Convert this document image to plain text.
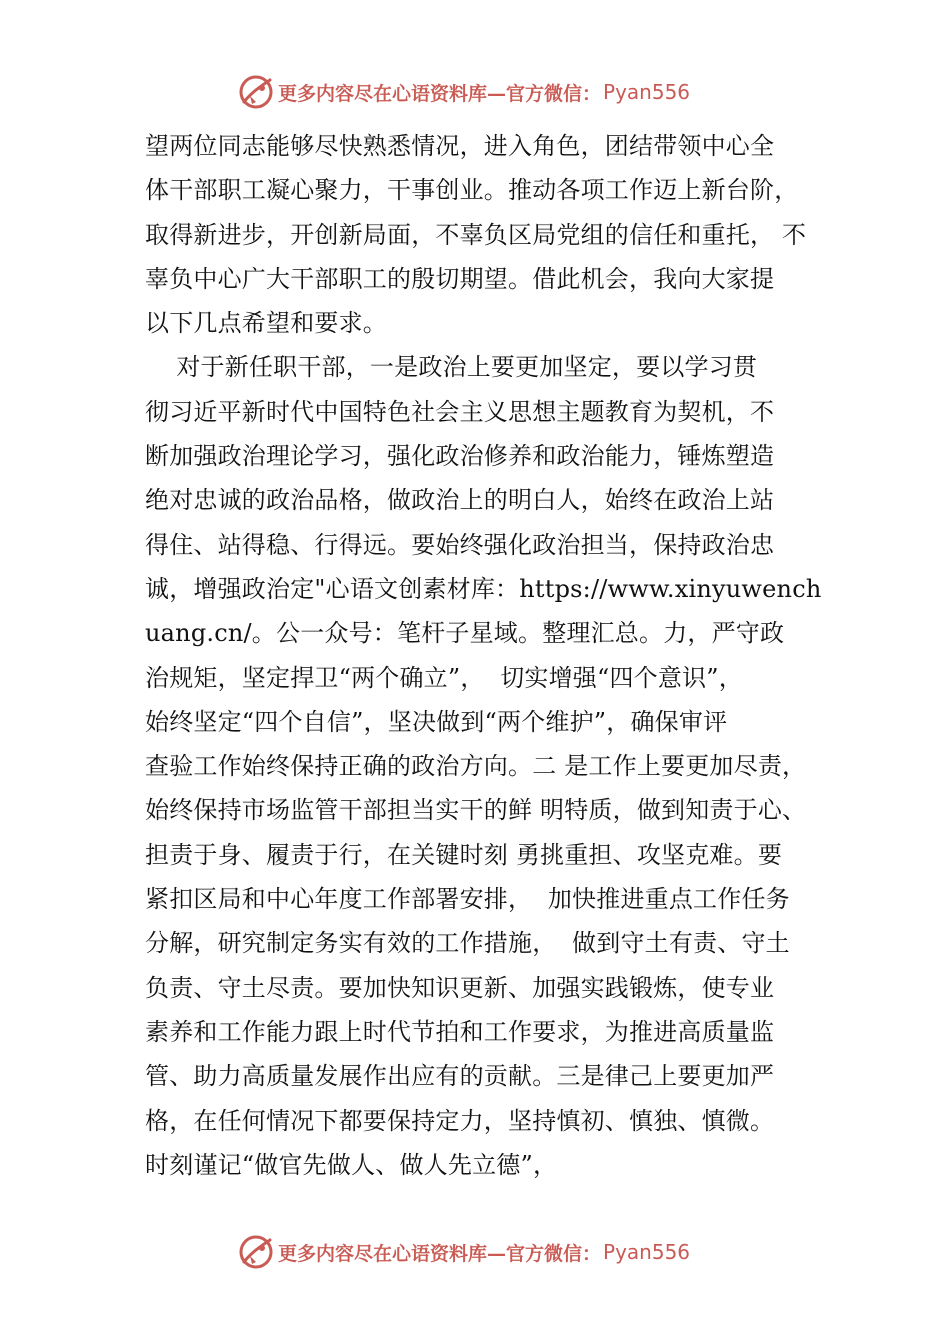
更多内容尽在心语资料库—官方微信： Pyan556
望两位同志能够尽快熟悉情况，进入角色，团结带领中心全
体干部职工凝心聚力，干事创业。推动各项工作迈上新台阶，
取得新进步，开创新局面，不辜负区局党组的信任和重托， 不
辜负中心广大干部职工的殷切期望。借此机会，我向大家提
以下几点希望和要求。
对于新任职干部，一是政治上要更加坚定，要以学习贯
彻习近平新时代中国特色社会主义思想主题教育为契机，不
断加强政治理论学习，强化政治修养和政治能力，锤炼塑造
绝对忠诚的政治品格，做政治上的明白人，始终在政治上站
得住、站得稳、行得远。要始终强化政治担当，保持政治忠
诚，增强政治定"心语文创素材库：https://www.xinyuwench
uang.cn/。公一众号：笔杆子星域。整理汇总。力，严守政
治规矩，坚定捍卫“两个确立”，  切实增强“四个意识”，
始终坚定“四个自信”，坚决做到“两个维护”，确保审评
查验工作始终保持正确的政治方向。二 是工作上要更加尽责，
始终保持市场监管干部担当实干的鲜 明特质，做到知责于心、
担责于身、履责于行，在关键时刻 勇挑重担、攻坚克难。要
紧扣区局和中心年度工作部署安排，  加快推进重点工作任务
分解，研究制定务实有效的工作措施，  做到守土有责、守土
负责、守土尽责。要加快知识更新、加强实践锻炼，使专业
素养和工作能力跟上时代节拍和工作要求，为推进高质量监
管、助力高质量发展作出应有的贡献。三是律己上要更加严
格，在任何情况下都要保持定力，坚持慎初、慎独、慎微。
时刻谨记“做官先做人、做人先立德”，
更多内容尽在心语资料库—官方微信： Pyan556
